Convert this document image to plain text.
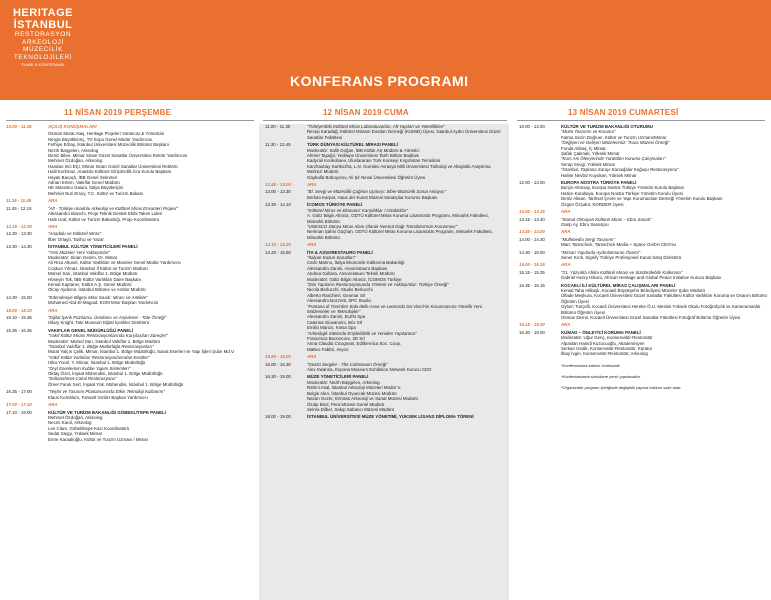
HERITAGE
İSTANBUL
RESTORASYON
ARKEOLOJİ
MÜZECİLİK
TEKNOLOJİLERİ
FUARI & KONFERANSI
KONFERANS PROGRAMI
11 NİSAN 2019 PERŞEMBE	12 NİSAN 2019 CUMA	13 NİSAN 2019 CUMARTESİ
10.00 - 11.35	AÇILIŞ KONUŞMALARI
Osman Murat Ataş, Heritage Projeleri Yaratıcısı & Yöneticisi
Nergis Büyükkılınç, TG Expo Genel Müdür Yardımcısı
Fethiye Erbay, İstanbul Üniversitesi Müzecilik Bölümü Başkanı
Nezih Başgelen, Arkeolog
Deniz Bilen, Mimar Sinan Güzel Sanatlar Üniversitesi Rektör Yardımcısı
Mehmet Özdoğan, Arkeolog
Handan İnci Elçi, Mimar Sinan Güzel Sanatlar Üniversitesi Rektörü
Halil Korkmaz, Anadolu Kültürel Girişimcilik İcra Kurulu Başkanı
Hayati Bacaçlı, İBB Genel Sekreteri
Adnan Ertem, Vakıflar Genel Müdürü
HE Massimo Gaiani, İtalya Büyükelçisi
Mehmet Nuri Ersoy, T.C. Kültür ve Turizm Bakanı
11.35 - 11.45	ARA
11.45 - 12.15	"Alt - Türkiye Anadolu Arkeoloji ve Kültürel Miras Envanteri Projesi"
Alessandro Bianchi, Proje Teknik Destek Ekibi Takım Lideri
Hale Ural, Kültür ve Turizm Bakanlığı, Proje Koordinatörü
12.15 - 12.30	ARA
12.30 - 13.30	"Anadolu ve Kültürel Miras"
İlber Ortaylı, Tarihçi ve Yazar
13.30 - 14.30	İSTANBUL KÜLTÜR YÖNETİCİLERİ PANELİ
"Yeni Müzeler Yeni Yaklaşımlar"
Moderatör: Sinan Genim, Dr. Mimar
Ali Rıza Altunel, Kültür Varlıkları ve Müzeler Genel Müdür Yardımcısı
Coşkun Yılmaz, İstanbul İl Kültür ve Turizm Müdürü
Mürsel Sarı, İstanbul Vakıflar 1. Bölge Müdürü
Hüseyin Tok, İBB Kültür Varlıkları Daire Başkanı
Kemal Kaptaner, Kültür A.Ş. Genel Müdürü
Olcay Aydemir, İstanbul Bölüme ve Anıtlar Müdürü
14.30 - 15.00	"Edendeniye Bilgeşi Misır Saadı: Mirası ve Antikite"
Mohamed Abd El-Maguid, KOM Mısır Başkan Yardımcısı
15.00 - 15.10	ARA
15.10 - 15.35	"Dijital İçerik Pazılama, Ürediamı ve Arşivleme - Tate Örneği"
Hilary Knight, Tate Museum Dijital İçerikler Direktörü
15.35 - 16.35	VAKIFLAR GENEL MÜDÜRLÜĞÜ PANELİ
"Vakıf Kültür Mirası Restorasyonlarında Karşılaşılan Süreçler"
Moderatör: Mürsel Sarı, İstanbul Vakıflar 1. Bölge Müdürü
"İstanbul Vakıflar 1. Bölge Müdürlüğü Restorasyonları"
Murat Yalçın Çelik, Mimar, İstanbul 1. Bölge Müdürlüğü, Sanat Eserleri ve Yapı İşleri Şube Md.V.
"Vakıf Kültür Varlıkları Restorasyonlarından Kesitler"
Utku Yücel, Y. Mimar, İstanbul 1. Bölge Müdürlüğü
"Zeyl Esenlerinin Kubbe Yapım Sistemleri"
Oktay Özel, İnşaat Mühendisi, İstanbul 1. Bölge Müdürlüğü
"Sultanahmet Camii Restorasyonu"
Ömer Faruk Sert, İnşaat Yük. Mühendisi, İstanbul 1. Bölge Müdürlüğü
16.35 - 17.00	"Teşhir ve Tasarım Planlamasında Etkin Teknoloji Kullanımı"
Klaus Kornblum, Tonwelt GmbH Başkan Yardımcısı
17.00 - 17.10	ARA
17.10 - 19.00	KÜLTÜR VE TURİZM BAKANLIĞI GÖBEKLİTEPE PANELİ
Mehmet Özdoğan, Arkeolog
Necmi Karul, Arkeolog
Lee Clare, Göbeklitepe Kazı Koordinatörü
Sedat Saygı, Yüksek Mimar
Emre Karaalioğlu, Kültür ve Turizm Uzmanı / Mimar
11.00 - 11.30	"Türkiye'deki Kültürel Miras Laboratuvarları, Alt Yapıları ve Yeterlilikleri"
Recep Karadağ, Kültürel Mirasın Dostları Derneği (KUMID) Üyesi, İstanbul Aydın Üniversitesi Güzel Sanatlar Fakültesi
11.30 - 12.45	TÜRK DÜNYASI KÜLTÜREL MİRASI PANELİ
Moderatör: Salih Doğan, İBB Kültür AŞ Müdürü & Yönetici
Ahmet Taşağıl, Yeditepe Üniversitesi Tarih Bölüm Başkanı
Kadyrali Konkobaev, Uluslararası Türk Konseyi Kırgızistan Temsilcisi
Karzhaubay Sartkozha, L.N. Gumilev Avrasya Milli Üniversitesi Türkoloji ve Altayistik Araştırma Merkezi Müdürü
Gaybulla Boboyorov, Ali Şir Nevai Üniversitesi Öğretim Üyesi
12.45 - 13.00	ARA
13.00 - 13.30	"Bİ. Sevgi ve Müzecilik Çağının Uyanışı: Siber-Biotronik Sanat Anlayışı"
Berkan Karpat, Haus der Kunst Müzesi Sanatçılar Kurumu Başkanı
13.30 - 14.10	İCOMOS TÜRKİYE PANELİ
"Kültürel Miras ve Ekonomi: Karşıtlıklar / Ortaklıklar"
A. Güliz Bilgin Altınöz, ODTÜ Kültürel Miras Koruma Lisansüstü Programı, Mimarlık Fakültesi, Mimarlık Bölümü
"UNESCO Dünya Miras Alanı Olarak Nemrut Dağı Tümülüsü'nün Korunması"
Neriman Şahin Güçhan, ODTÜ Kültürel Miras Koruma Lisansüstü Programı, Mimarlık Fakültesi, Mimarlık Bölümü
14.10 - 14.20	ARA
14.20 - 15.50	İTA & ASSORESTAURO PANELİ
"İtalyan Kuzun Sanatları"
Carlo Marino, İtalya Ekonomik Kalkınma Bakanlığı
Alessandro Zanini, Assorestauro Başkanı
Andrea Goltara, Assorestauro Teknik Müdürü
Moderatör: Güliz Bilgin Altınöz, İCOMOS Türkiye
"Dini Yapıların Restorasyonunda Yöntem ve Yaklaşımlar: Türkiye Örneği"
Nicola Berlucchi, Studio Berlucchi
Alberto Raschieri, Geomar Srl
Alessandro Bozzetti, SPC Studio
"Fontana di Trevi'den Sala delle Asse ve Leonardo Da Vinci'nin Korunmasına Yönelik Yeni Malzemeler ve Teknolojiler"
Alessandro Zanini, ELEN Spa
Caterina Giovannini, Brix Srl
Emilio Manzo, Kimia Spa
"Arkeolojik Sitelerde Erişilebilirlik ve Yeniden Yapılanma"
Francesca Buonocore, 3D Srl
Anna Claudia Cicognani, Edilbernica Soc. Coop.
Matteo Fabbri, Ireyco
15.50 - 16.00	ARA
16.00 - 16.30	"Gezici Sergiler - The Colosseum Örneği"
Alex Swanna, Expona Museum Exhibition Network Kurucu CEO
16.30 - 18.00	MÜZE YÖNETİCİLERİ PANELİ
Moderatör: Nezih Başgelen, Arkeolog
Rahmi Asal, İstanbul Arkeoloji Müzeleri Müdür V.
Belgin Akın, İstanbul Oyuncak Müzesi Müdürü
Nazan Gezer, Erimtan Arkeoloji ve Sanat Müzesi Müdürü
Özalp Birol, Pera Müzesi Genel Müdürü
Selma Dilber, Sakıp Sabancı Müzesi Müdürü
18.00 - 19.00	İSTANBUL ÜNİVERSİTESİ MÜZE YÖNETİMİ, YÜKSEK LİSANS DİPLOMA TÖRENİ
10.00 - 12.00	KÜLTÜR VE TURİZM BAKANLIĞI OTURUMU
"Müze Tasarımı ve Koruma"
Fatma Sezin Doğruer, Kültür ve Turizm Uzmanı/Mimar
"Değişen ve Gelişen Müzelerimiz: Truva Müzesi Örneği"
Fonda Akbaş, İç Mimar
Şafak Çakmak, Yüksek Mimar
"Kurs Ani Ölenyerinde Yürütülen Koruma Çalışmaları"
Serap Sevgi, Yüksek Mimar
"İstanbul, Taşkasa Sarayı Kanadjalar Koğuşu Restorasyonu"
Haline Nevbiz Koyukan, Yüksek Mimar
12.00 - 13.00	EUROPA NOSTRA TÜRKİYE PANELİ
Burçin Altınsay, Europa Nostra Türkiye Yönetim Kurulu Başkanı
Hatice Karakaya, Europa Nostra Türkiye Yönetim Kurulu Üyesi
Deniz Akkan, Tarihsel Çevre ve Yapı Korumacıları Derneği Yönetim Kurulu Başkanı
Özgün Özçakır, KORDER Üyesi
13.00 - 13.15	ARA
13.15 - 13.40	"Somut Olmayan Kültürel Miras – Ebru Sanatı"
Garip Ay, Ebru Sanatçısı
13.40 - 14.00	ARA
14.00 - 14.30	"Multimedia Sergi Tasarımı"
Marc Tamschick, Tamschick Media + Space GmbH CEO'su
14.30 - 15.00	"Mimari Yapılarda Aydınlatmanın Önemi"
Sener Kırık, Signify Türkiye Profesyonel Kanal Satış Direktörü
15.00 - 15.15	ARA
15.15 - 15.35	"21. Yüzyılda Afrika Kültürel Mirası ve Sürdürülebilir Kalkınma"
Gabriel Henry Hikoro, African Heritage and Global Peace Initiative Kurucu Başkanı
15.35 - 16.15	KOCAELİ İLİ KÜLTÜREL MİRAS ÇALIŞMALARI PANELİ
Kemal Taha Hilitaşlı, Kocaeli Büyükşehir Belediyesi Müzeler Şube Müdürü
Ülfade Meşkura, Kocaeli Üniversitesi Güzel Sanatlar Fakültesi Kültür Varlıkları Koruma ve Onarım Bölümü Öğretim Üyesi
Oylum Tunçelli, Kocaeli Üniversitesi Hereke Ö.U. Meslek Yüksek Okulu Fotoğrafçılık ve Kameramanlık Bölümü Öğretim Üyesi
Osman Demir, Kocaeli Üniversitesi Güzel Sanatlar Fakültesi Fotoğraf Bölümü Öğretim Üyesi
16.15 - 16.30	ARA
16.30 - 18.00	KÜMAD – ÖNLEYİCİ KORUMA PANELİ
Moderatör: Uğur Genç, Konservatör-Restoratör
Alpaslan Hamdi Kuzucuoğlu, Akademisyen
Serkan Gedik, Konservatör-Restoratör, Kürator
İlkay İvgin, Konservatör-Restoratör, Arkeolog
*Konferanslara katılım ücretsizdir.
*Konferanslarda simultane çeviri yapılacaktır.
*Organizatör program içeriğinde değişiklik yapma hakkını saklı tutar.
